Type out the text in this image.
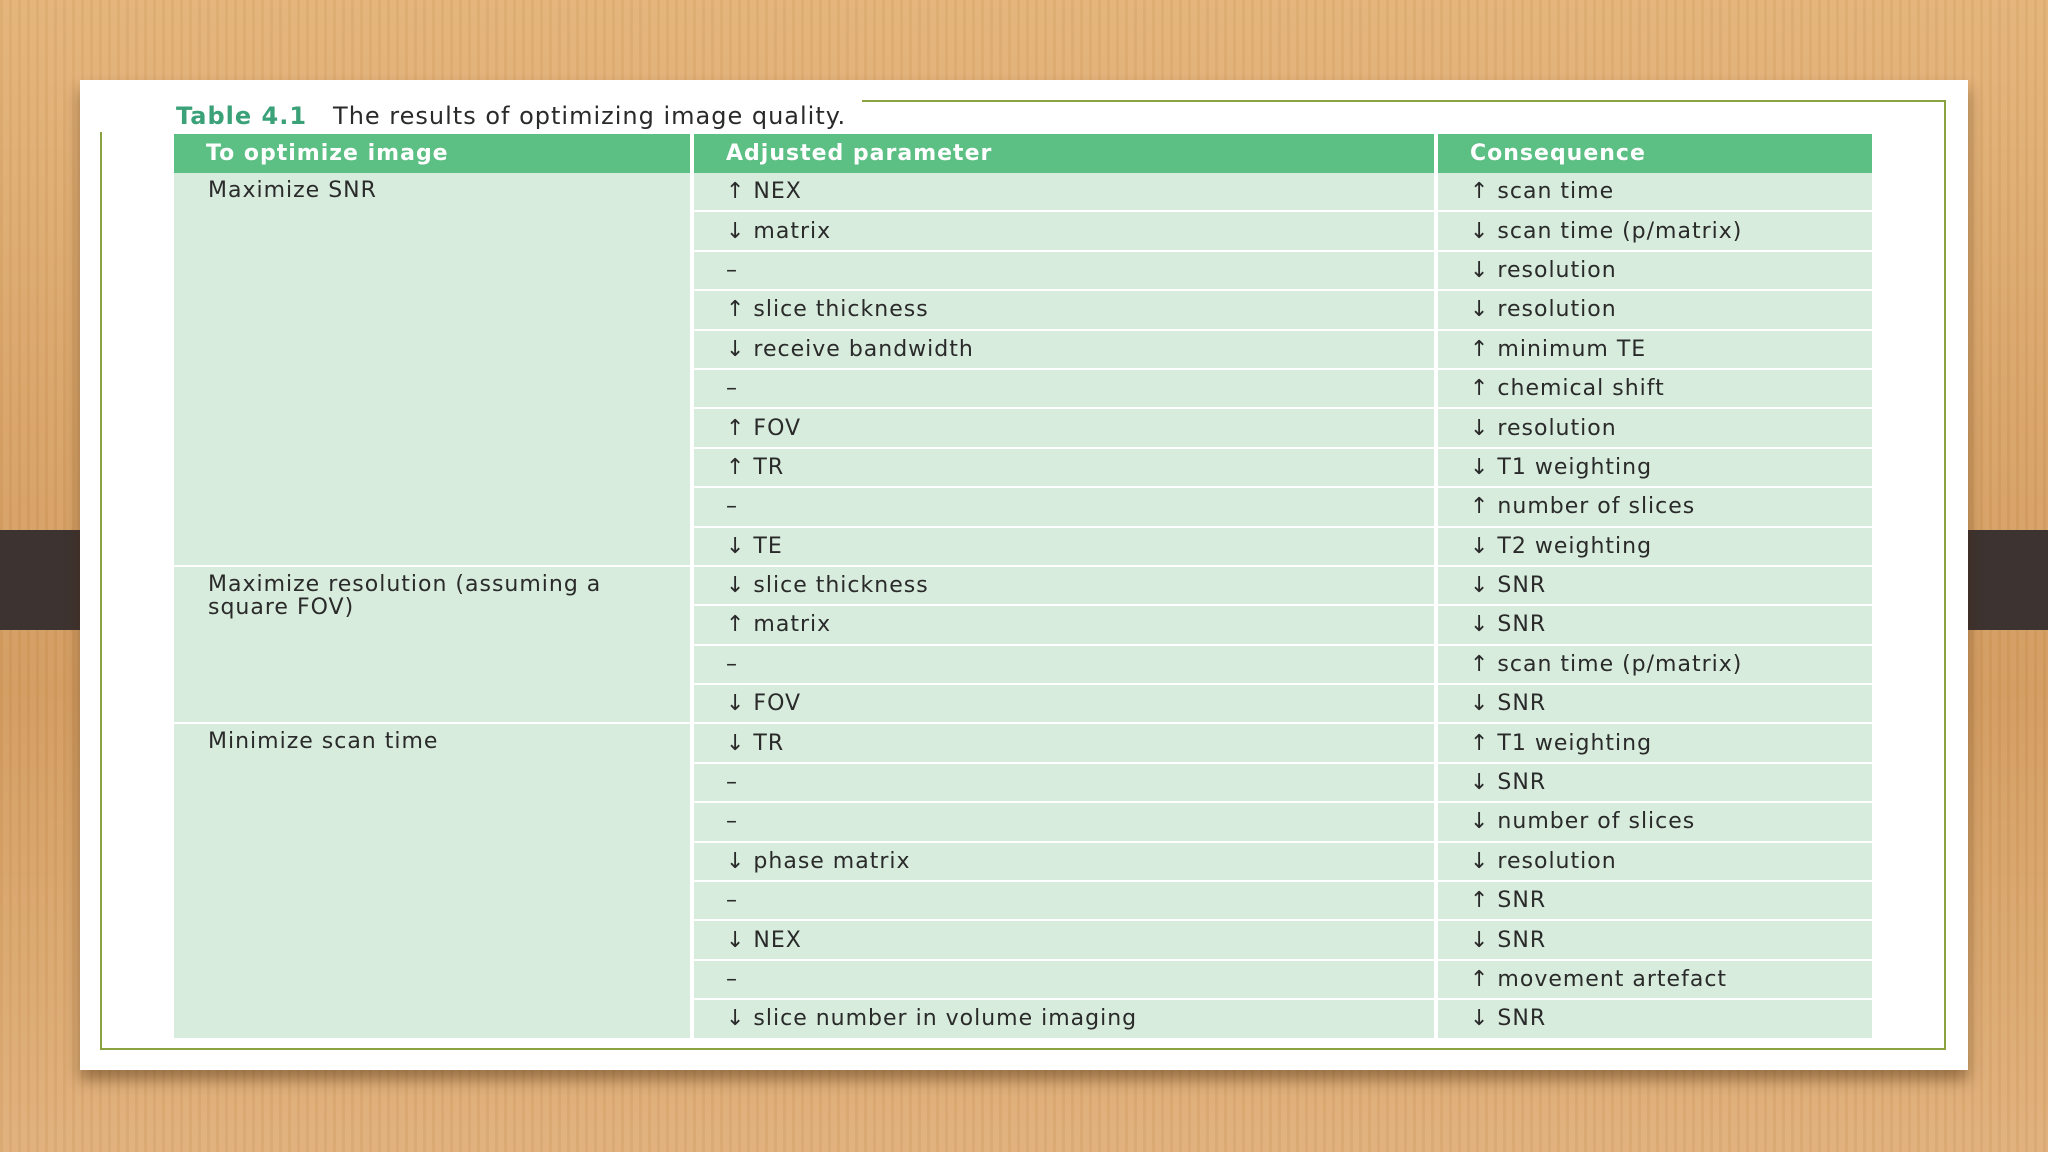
Table 4.1 The results of optimizing image quality.
To optimize image	Adjusted parameter	Consequence
Maximize SNR	↑ NEX	↑ scan time
	↓ matrix	↓ scan time (p/matrix)
	–	↓ resolution
	↑ slice thickness	↓ resolution
	↓ receive bandwidth	↑ minimum TE
	–	↑ chemical shift
	↑ FOV	↓ resolution
	↑ TR	↓ T1 weighting
	–	↑ number of slices
	↓ TE	↓ T2 weighting
Maximize resolution (assuming a square FOV)	↓ slice thickness	↓ SNR
	↑ matrix	↓ SNR
	–	↑ scan time (p/matrix)
	↓ FOV	↓ SNR
Minimize scan time	↓ TR	↑ T1 weighting
	–	↓ SNR
	–	↓ number of slices
	↓ phase matrix	↓ resolution
	–	↑ SNR
	↓ NEX	↓ SNR
	–	↑ movement artefact
	↓ slice number in volume imaging	↓ SNR
